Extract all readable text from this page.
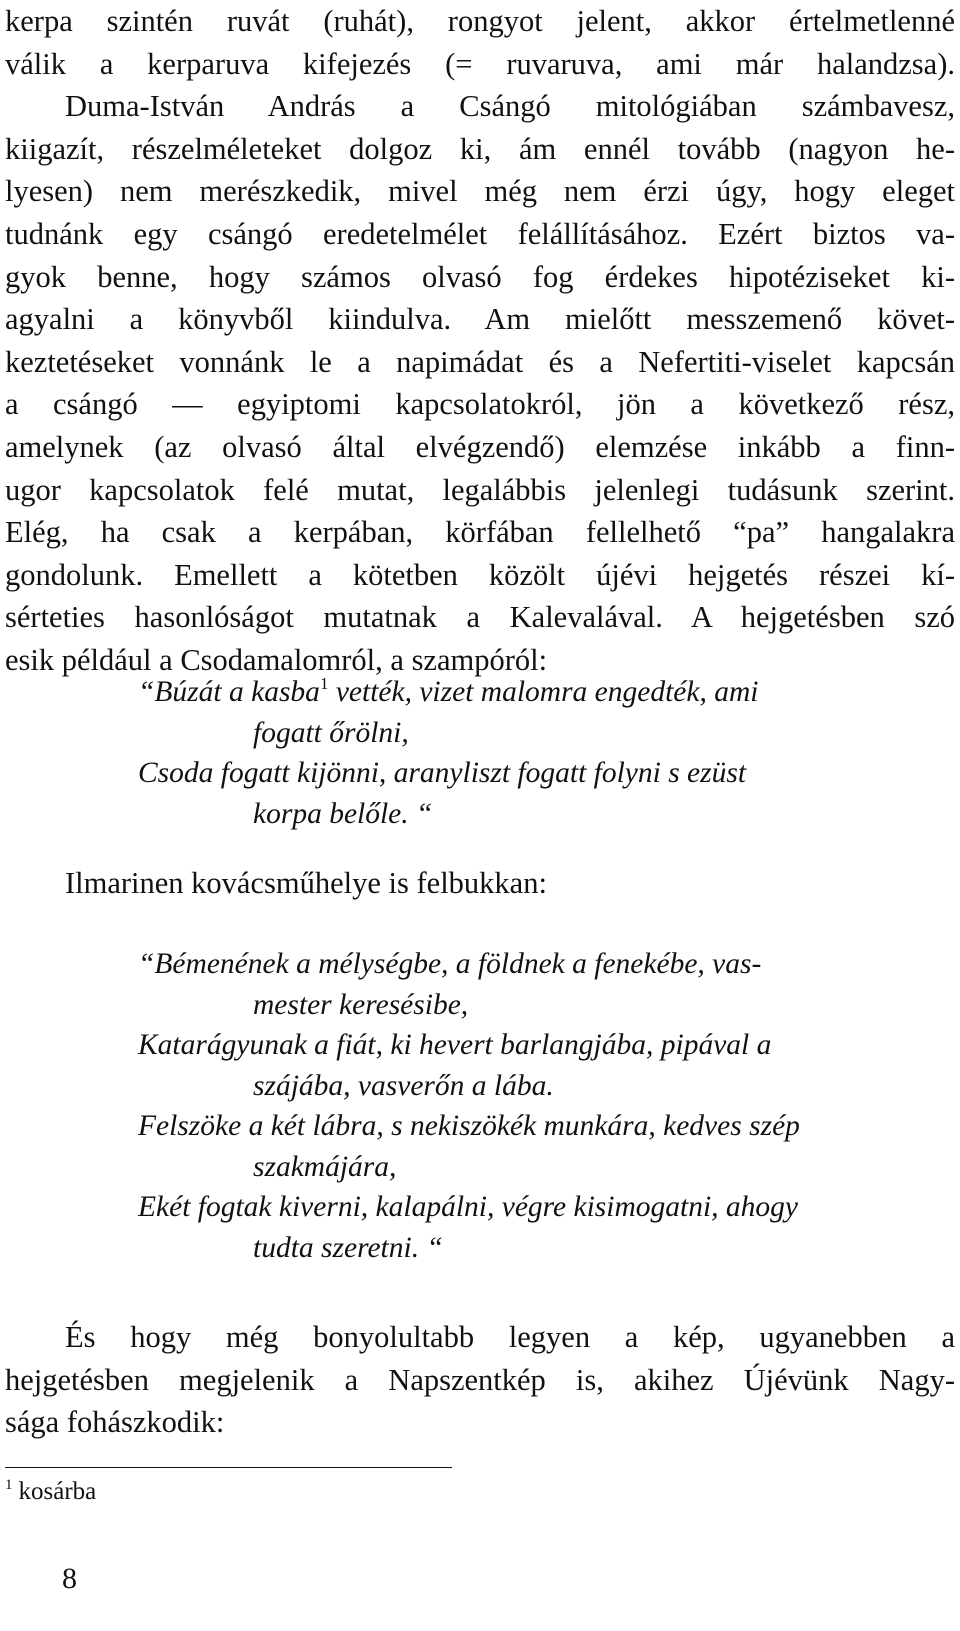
kerpa szintén ruvát (ruhát), rongyot jelent, akkor értelmetlenné
válik a kerparuva kifejezés (= ruvaruva, ami már halandzsa).
Duma-István András a Csángó mitológiában számbavesz,
kiigazít, részelméleteket dolgoz ki, ám ennél tovább (nagyon he-
lyesen) nem merészkedik, mivel még nem érzi úgy, hogy eleget
tudnánk egy csángó eredetelmélet felállításához. Ezért biztos va-
gyok benne, hogy számos olvasó fog érdekes hipotéziseket ki-
agyalni a könyvből kiindulva. Am mielőtt messzemenő követ-
keztetéseket vonnánk le a napimádat és a Nefertiti-viselet kapcsán
a csángó — egyiptomi kapcsolatokról, jön a következő rész,
amelynek (az olvasó által elvégzendő) elemzése inkább a finn-
ugor kapcsolatok felé mutat, legalábbis jelenlegi tudásunk szerint.
Elég, ha csak a kerpában, körfában fellelhető “pa” hangalakra
gondolunk. Emellett a kötetben közölt újévi hejgetés részei kí-
sérteties hasonlóságot mutatnak a Kalevalával. A hejgetésben szó
esik például a Csodamalomról, a szampóról:
“Búzát a kasba$^1$ vették, vizet malomra engedték, ami
fogatt őrölni,
Csoda fogatt kijönni, aranyliszt fogatt folyni s ezüst
korpa belőle. “
Ilmarinen kovácsműhelye is felbukkan:
“Bémenének a mélységbe, a földnek a fenekébe, vas-
mester keresésibe,
Katarágyunak a fiát, ki hevert barlangjába, pipával a
szájába, vasverőn a lába.
Felszöke a két lábra, s nekiszökék munkára, kedves szép
szakmájára,
Ekét fogtak kiverni, kalapálni, végre kisimogatni, ahogy
tudta szeretni. “
És hogy még bonyolultabb legyen a kép, ugyanebben a
hejgetésben megjelenik a Napszentkép is, akihez Újévünk Nagy-
sága fohászkodik:
$^1$ kosárba
8
